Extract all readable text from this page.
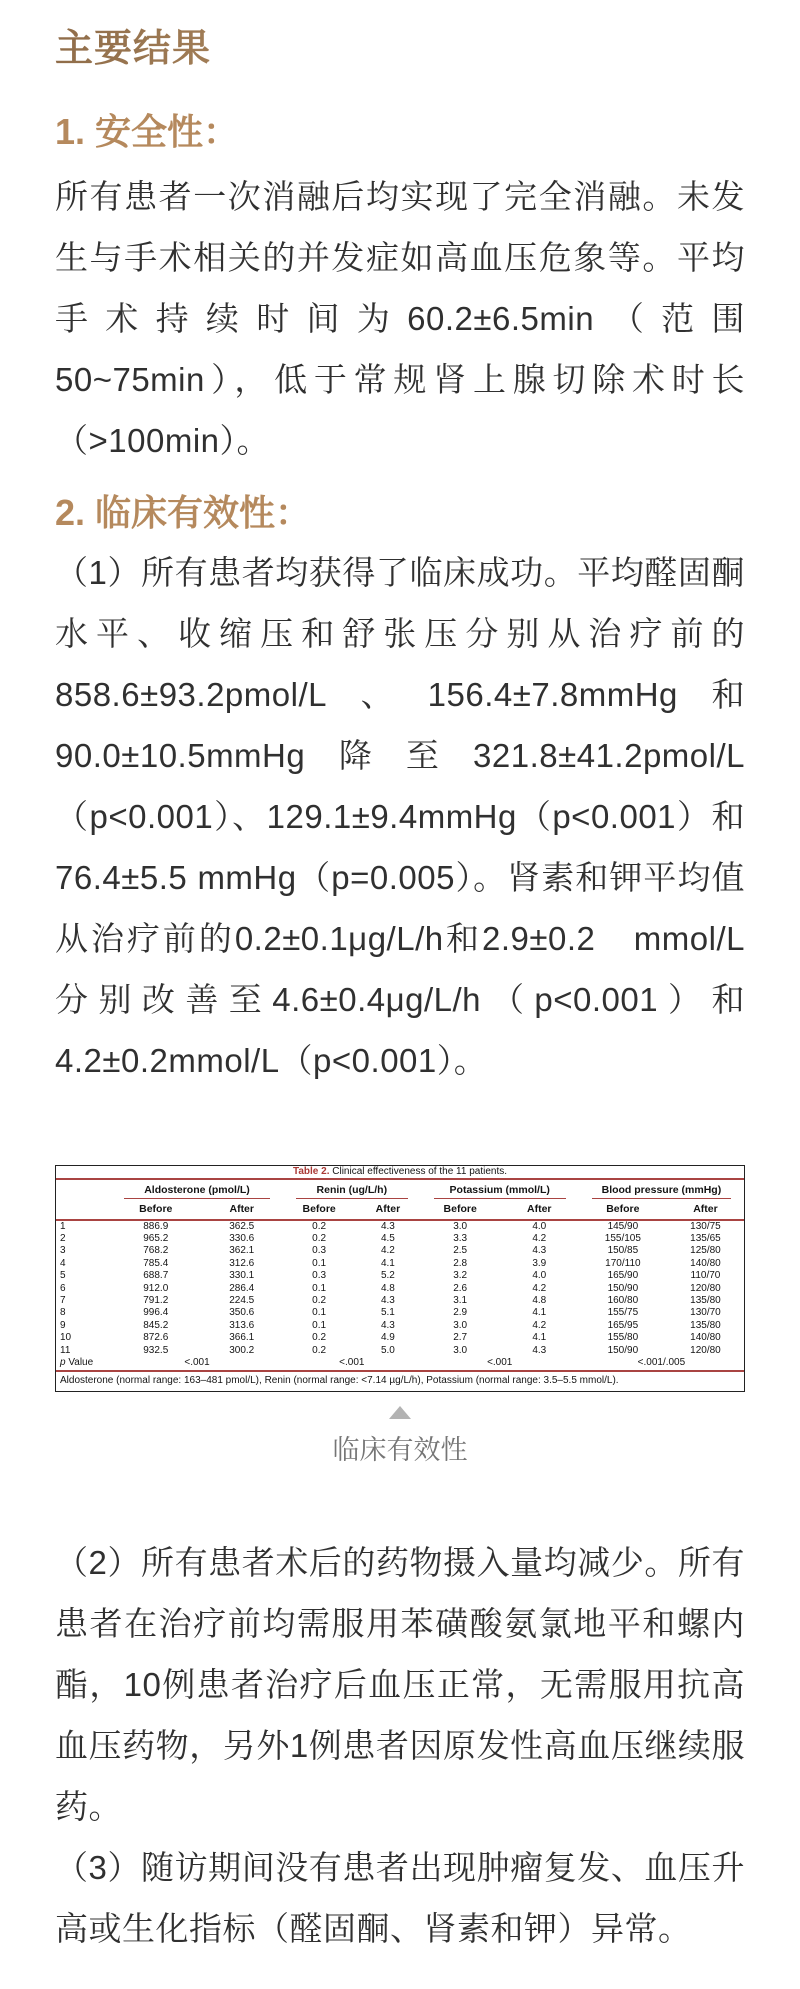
主要结果
1. 安全性：

所有患者一次消融后均实现了完全消融。未发生与手术相关的并发症如高血压危象等。平均手术持续时间为60.2±6.5min（范围50~75min），低于常规肾上腺切除术时长（>100min）。

2. 临床有效性：

（1）所有患者均获得了临床成功。平均醛固酮水平、收缩压和舒张压分别从治疗前的858.6±93.2pmol/L、156.4±7.8mmHg和90.0±10.5mmHg降至321.8±41.2pmol/L（p<0.001）、129.1±9.4mmHg（p<0.001）和76.4±5.5 mmHg（p=0.005）。肾素和钾平均值从治疗前的0.2±0.1μg/L/h和2.9±0.2　mmol/L分别改善至4.6±0.4μg/L/h（p<0.001）和4.2±0.2mmol/L（p<0.001）。

Table 2. Clinical effectiveness of the 11 patients.								

	Aldosterone (pmol/L)		Renin (ug/L/h)		Potassium (mmol/L)		Blood pressure (mmHg)	

	Before	After	Before	After	Before	After	Before	After
1	886.9	362.5	0.2	4.3	3.0	4.0	145/90	130/75
2	965.2	330.6	0.2	4.5	3.3	4.2	155/105	135/65
3	768.2	362.1	0.3	4.2	2.5	4.3	150/85	125/80
4	785.4	312.6	0.1	4.1	2.8	3.9	170/110	140/80
5	688.7	330.1	0.3	5.2	3.2	4.0	165/90	110/70
6	912.0	286.4	0.1	4.8	2.6	4.2	150/90	120/80
7	791.2	224.5	0.2	4.3	3.1	4.8	160/80	135/80
8	996.4	350.6	0.1	5.1	2.9	4.1	155/75	130/70
9	845.2	313.6	0.1	4.3	3.0	4.2	165/95	135/80
10	872.6	366.1	0.2	4.9	2.7	4.1	155/80	140/80
11	932.5	300.2	0.2	5.0	3.0	4.3	150/90	120/80
p Value	<.001		<.001		<.001		<.001/.005	
Aldosterone (normal range: 163–481 pmol/L), Renin (normal range: <7.14 µg/L/h), Potassium (normal range: 3.5–5.5 mmol/L).								
临床有效性

（2）所有患者术后的药物摄入量均减少。所有患者在治疗前均需服用苯磺酸氨氯地平和螺内酯，10例患者治疗后血压正常，无需服用抗高血压药物，另外1例患者因原发性高血压继续服药。

（3）随访期间没有患者出现肿瘤复发、血压升高或生化指标（醛固酮、肾素和钾）异常。
